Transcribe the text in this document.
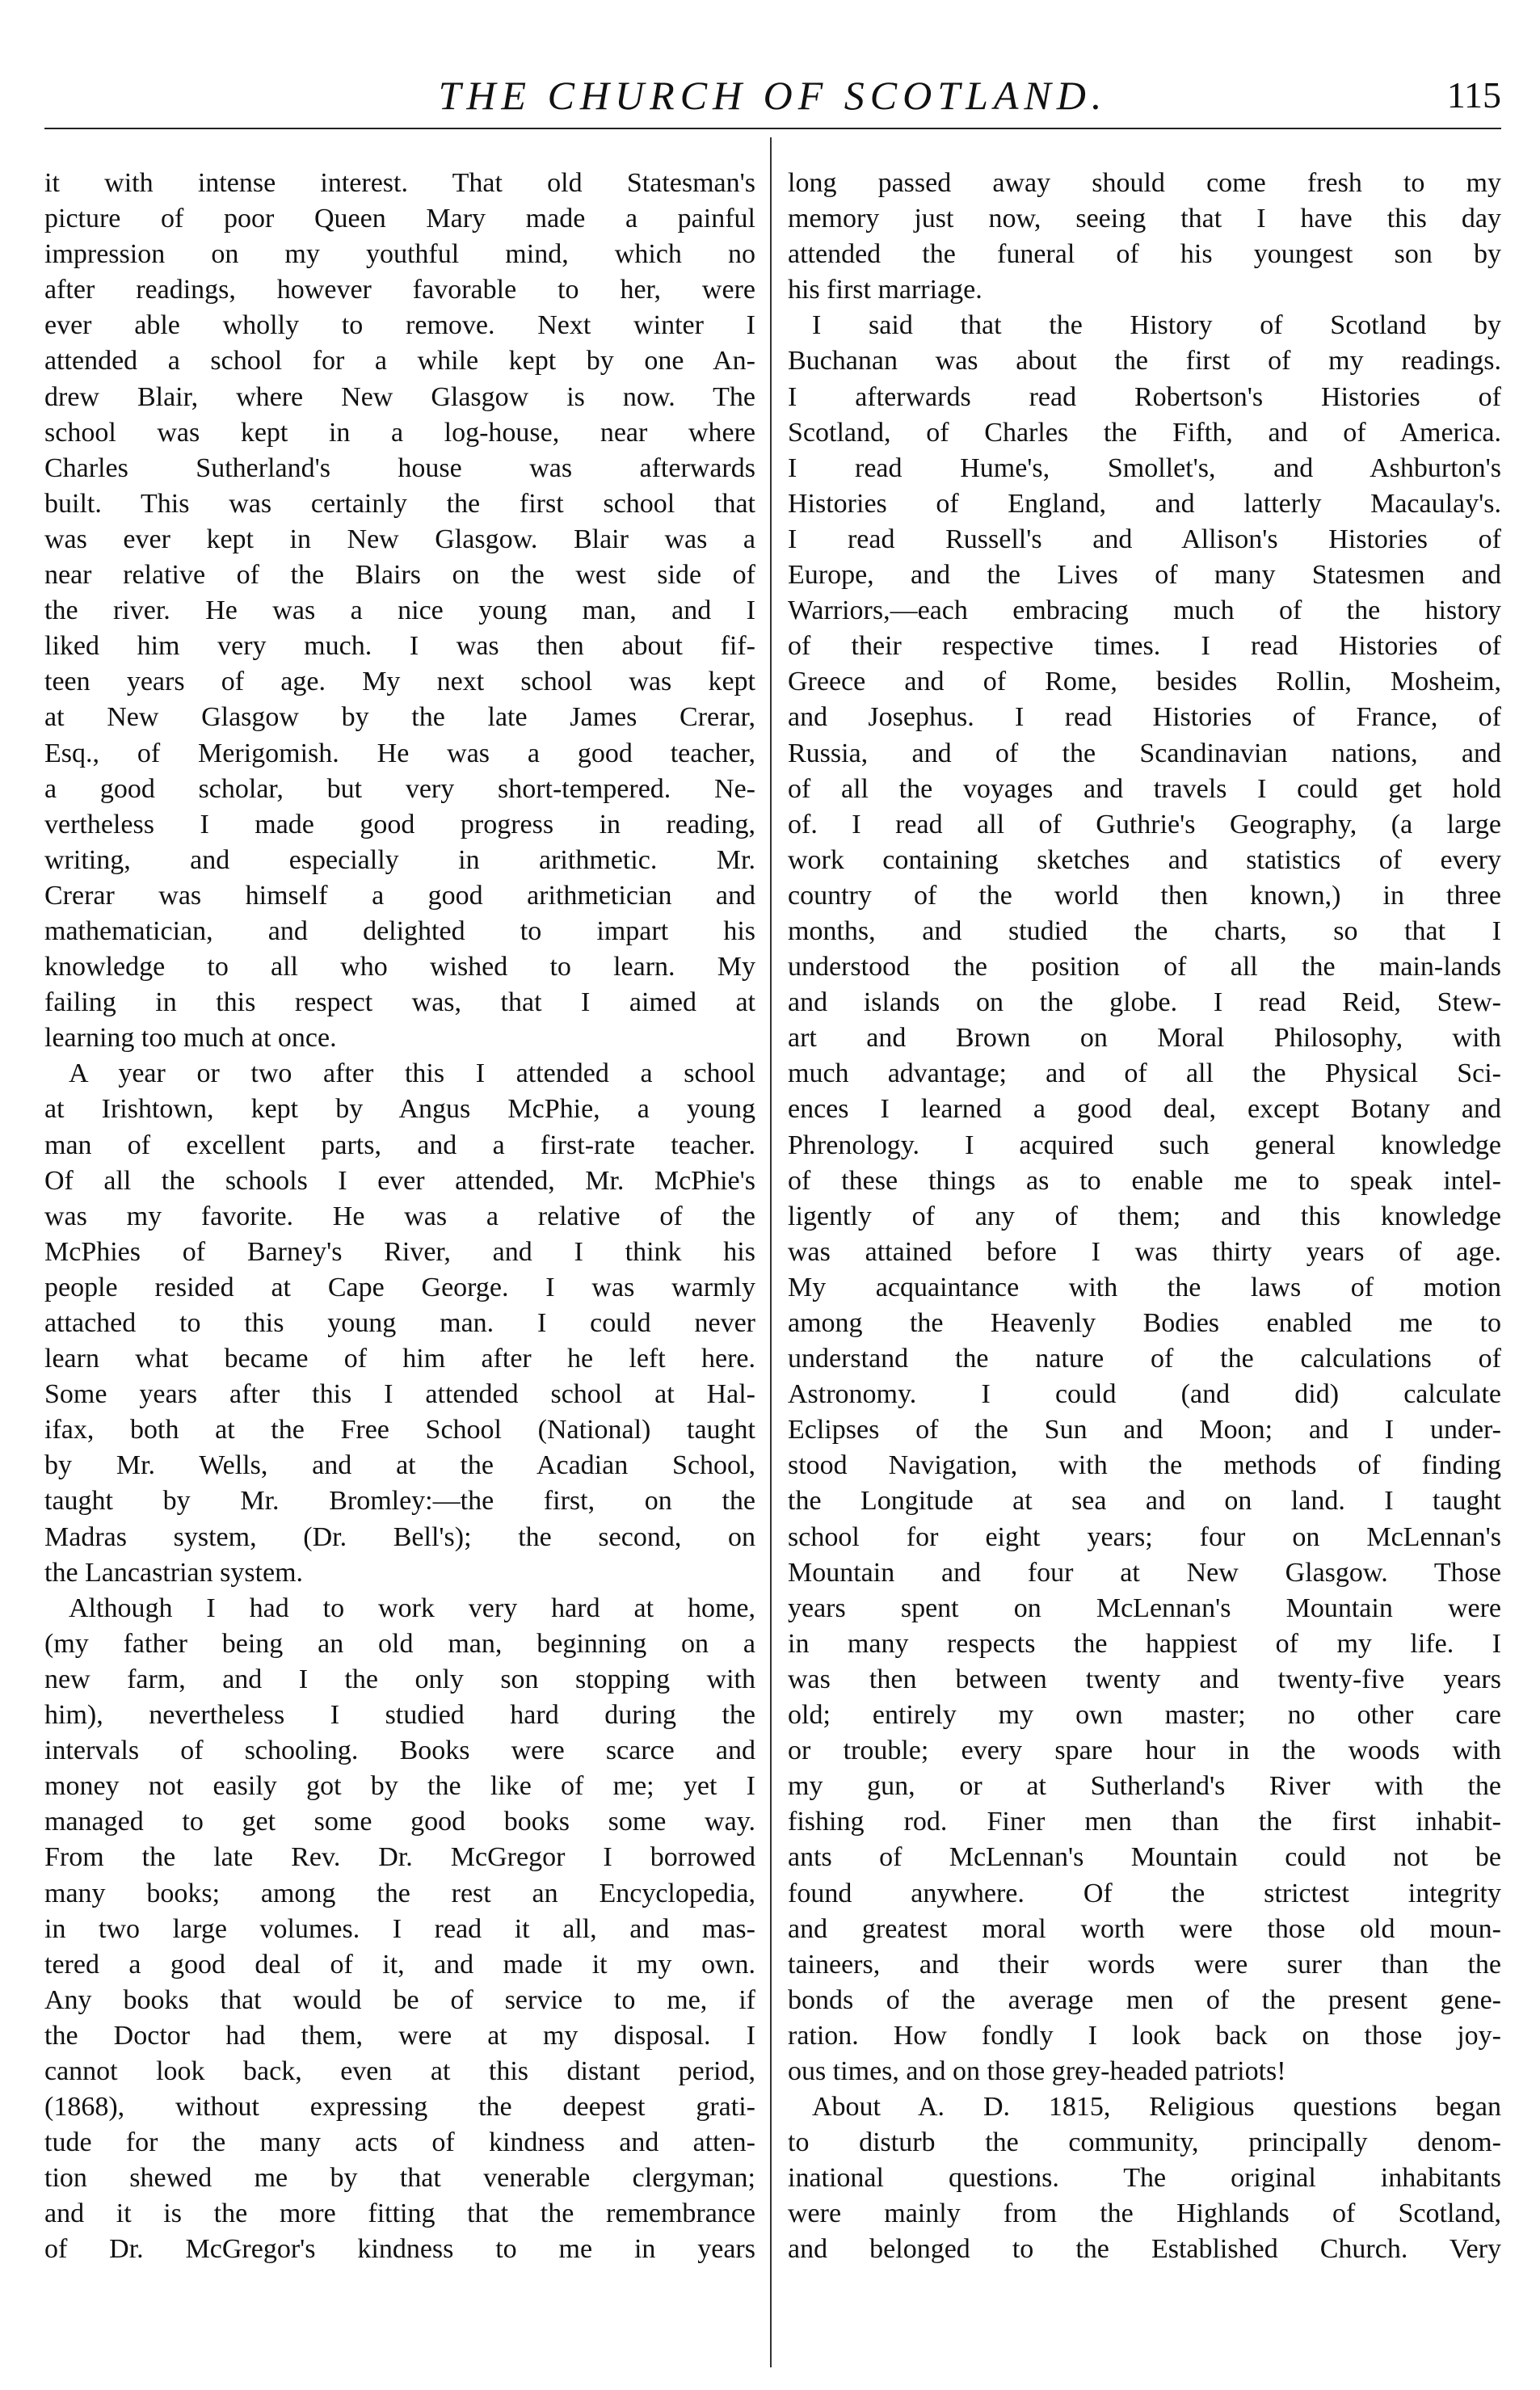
THE CHURCH OF SCOTLAND.	115

it with intense interest. That old Statesman's

picture of poor Queen Mary made a painful

impression on my youthful mind, which no

after readings, however favorable to her, were

ever able wholly to remove. Next winter I

attended a school for a while kept by one An-

drew Blair, where New Glasgow is now. The

school was kept in a log-house, near where

Charles Sutherland's house was afterwards

built. This was certainly the first school that

was ever kept in New Glasgow. Blair was a

near relative of the Blairs on the west side of

the river. He was a nice young man, and I

liked him very much. I was then about fif-

teen years of age. My next school was kept

at New Glasgow by the late James Crerar,

Esq., of Merigomish. He was a good teacher,

a good scholar, but very short-tempered. Ne-

vertheless I made good progress in reading,

writing, and especially in arithmetic. Mr.

Crerar was himself a good arithmetician and

mathematician, and delighted to impart his

knowledge to all who wished to learn. My

failing in this respect was, that I aimed at

learning too much at once.

A year or two after this I attended a school

at Irishtown, kept by Angus McPhie, a young

man of excellent parts, and a first-rate teacher.

Of all the schools I ever attended, Mr. McPhie's

was my favorite. He was a relative of the

McPhies of Barney's River, and I think his

people resided at Cape George. I was warmly

attached to this young man. I could never

learn what became of him after he left here.

Some years after this I attended school at Hal-

ifax, both at the Free School (National) taught

by Mr. Wells, and at the Acadian School,

taught by Mr. Bromley:—the first, on the

Madras system, (Dr. Bell's); the second, on

the Lancastrian system.

Although I had to work very hard at home,

(my father being an old man, beginning on a

new farm, and I the only son stopping with

him), nevertheless I studied hard during the

intervals of schooling. Books were scarce and

money not easily got by the like of me; yet I

managed to get some good books some way.

From the late Rev. Dr. McGregor I borrowed

many books; among the rest an Encyclopedia,

in two large volumes. I read it all, and mas-

tered a good deal of it, and made it my own.

Any books that would be of service to me, if

the Doctor had them, were at my disposal. I

cannot look back, even at this distant period,

(1868), without expressing the deepest grati-

tude for the many acts of kindness and atten-

tion shewed me by that venerable clergyman;

and it is the more fitting that the remembrance

of Dr. McGregor's kindness to me in years

long passed away should come fresh to my

memory just now, seeing that I have this day

attended the funeral of his youngest son by

his first marriage.

I said that the History of Scotland by

Buchanan was about the first of my readings.

I afterwards read Robertson's Histories of

Scotland, of Charles the Fifth, and of America.

I read Hume's, Smollet's, and Ashburton's

Histories of England, and latterly Macaulay's.

I read Russell's and Allison's Histories of

Europe, and the Lives of many Statesmen and

Warriors,—each embracing much of the history

of their respective times. I read Histories of

Greece and of Rome, besides Rollin, Mosheim,

and Josephus. I read Histories of France, of

Russia, and of the Scandinavian nations, and

of all the voyages and travels I could get hold

of. I read all of Guthrie's Geography, (a large

work containing sketches and statistics of every

country of the world then known,) in three

months, and studied the charts, so that I

understood the position of all the main-lands

and islands on the globe. I read Reid, Stew-

art and Brown on Moral Philosophy, with

much advantage; and of all the Physical Sci-

ences I learned a good deal, except Botany and

Phrenology. I acquired such general knowledge

of these things as to enable me to speak intel-

ligently of any of them; and this knowledge

was attained before I was thirty years of age.

My acquaintance with the laws of motion

among the Heavenly Bodies enabled me to

understand the nature of the calculations of

Astronomy. I could (and did) calculate

Eclipses of the Sun and Moon; and I under-

stood Navigation, with the methods of finding

the Longitude at sea and on land. I taught

school for eight years; four on McLennan's

Mountain and four at New Glasgow. Those

years spent on McLennan's Mountain were

in many respects the happiest of my life. I

was then between twenty and twenty-five years

old; entirely my own master; no other care

or trouble; every spare hour in the woods with

my gun, or at Sutherland's River with the

fishing rod. Finer men than the first inhabit-

ants of McLennan's Mountain could not be

found anywhere. Of the strictest integrity

and greatest moral worth were those old moun-

taineers, and their words were surer than the

bonds of the average men of the present gene-

ration. How fondly I look back on those joy-

ous times, and on those grey-headed patriots!

About A. D. 1815, Religious questions began

to disturb the community, principally denom-

inational questions. The original inhabitants

were mainly from the Highlands of Scotland,

and belonged to the Established Church. Very
